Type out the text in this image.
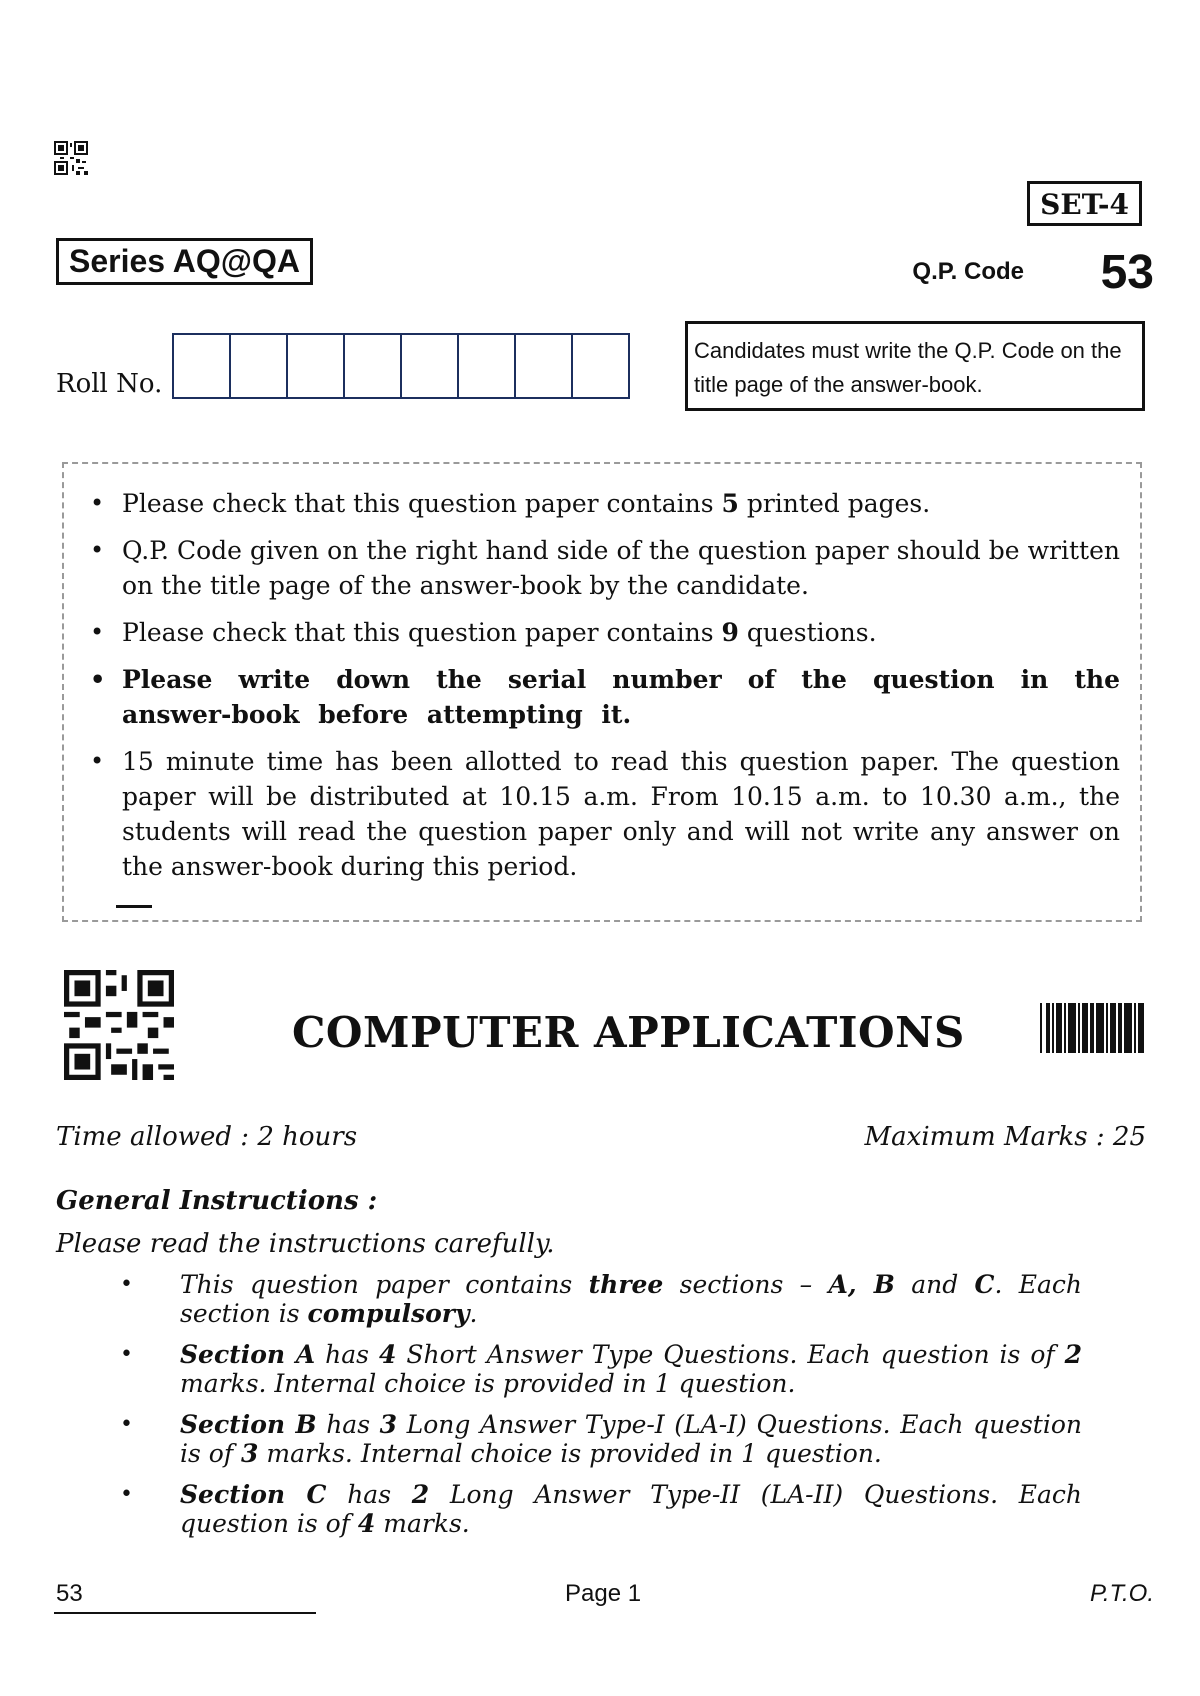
SET-4
Series AQ@QA	Q.P. Code 53
Roll No.
Candidates must write the Q.P. Code on the title page of the answer-book.
• Please check that this question paper contains 5 printed pages.
• Q.P. Code given on the right hand side of the question paper should be written on the title page of the answer-book by the candidate.
• Please check that this question paper contains 9 questions.
• Please write down the serial number of the question in the answer-book before attempting it.
• 15 minute time has been allotted to read this question paper. The question paper will be distributed at 10.15 a.m. From 10.15 a.m. to 10.30 a.m., the students will read the question paper only and will not write any answer on the answer-book during this period.
COMPUTER APPLICATIONS
Time allowed : 2 hours	Maximum Marks : 25
General Instructions :
Please read the instructions carefully.
• This question paper contains three sections – A, B and C. Each section is compulsory.
• Section A has 4 Short Answer Type Questions. Each question is of 2 marks. Internal choice is provided in 1 question.
• Section B has 3 Long Answer Type-I (LA-I) Questions. Each question is of 3 marks. Internal choice is provided in 1 question.
• Section C has 2 Long Answer Type-II (LA-II) Questions. Each question is of 4 marks.
53	Page 1	P.T.O.
